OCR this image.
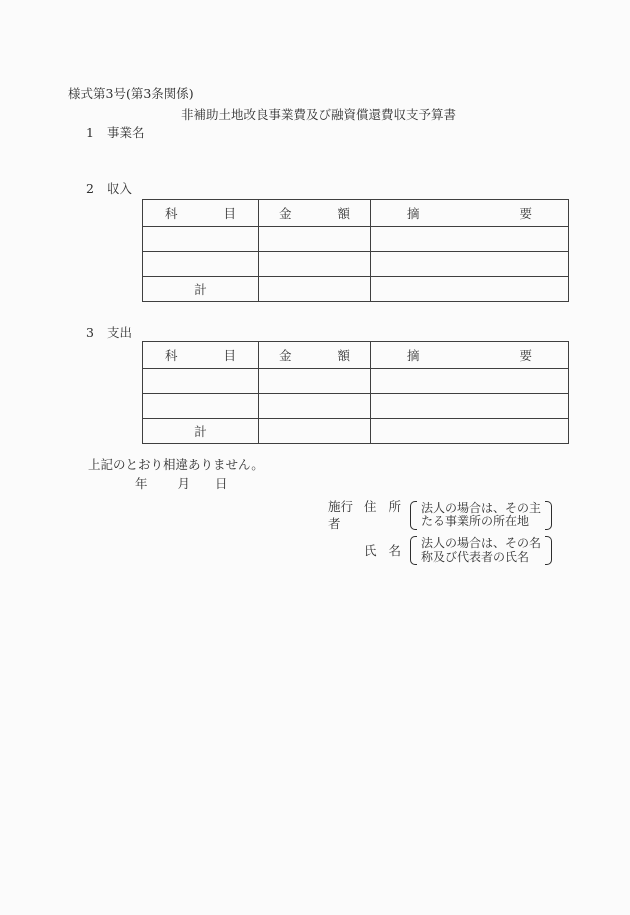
様式第3号(第3条関係)
非補助土地改良事業費及び融資償還費収支予算書
1 事業名
2 収入
科 目	金 額	摘 要

計		
3 支出
科 目	金 額	摘 要

計		
上記のとおり相違ありません。
年 月 日
施行者
住 所 法人の場合は、その主
たる事業所の所在地
氏 名 法人の場合は、その名
称及び代表者の氏名
